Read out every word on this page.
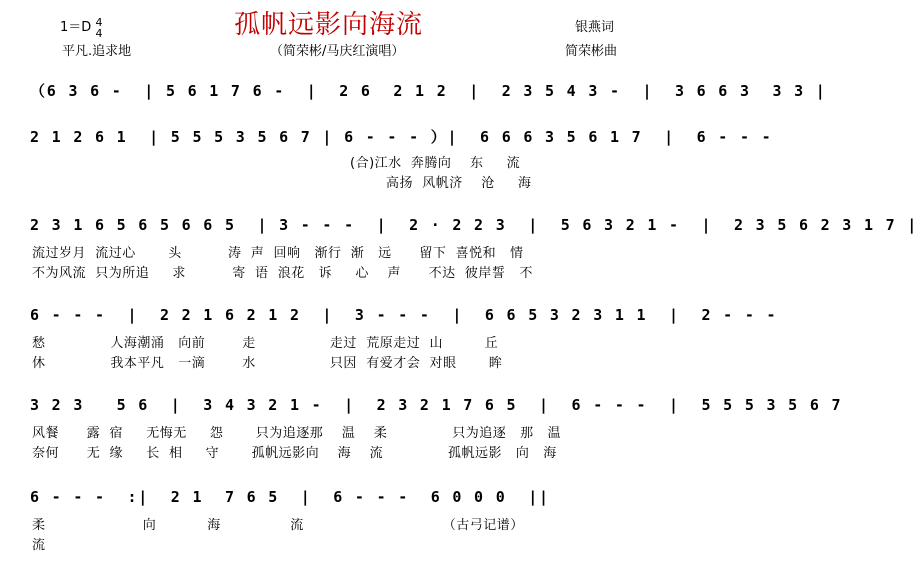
孤帆远影向海流
1＝D 4
4	银燕词
平凡.追求地	（简荣彬/马庆红演唱）	简荣彬曲
（6 3 6 -  | 5 6 1 7 6 -  |  2 6  2 1 2  |  2 3 5 4 3 -  |  3 6 6 3  3 3 |
2 1 2 6 1  | 5 5 5 3 5 6 7 | 6 - - - ）|  6 6 6 3 5 6 1 7  |  6 - - -
(合)江水  奔腾向    东     流
高扬  风帆济    沧     海
2 3 1 6 5 6 5 6 6 5  | 3 - - -  |  2 · 2 2 3  |  5 6 3 2 1 -  |  2 3 5 6 2 3 1 7 |
流过岁月  流过心       头          涛  声  回响   渐行  渐   远      留下  喜悦和   情
不为风流  只为所追     求          寄  语  浪花   诉     心    声      不达  彼岸誓   不
6 - - -  |  2 2 1 6 2 1 2  |  3 - - -  |  6 6 5 3 2 3 1 1  |  2 - - -
愁              人海潮涌   向前        走                走过  荒原走过  山         丘
休              我本平凡   一滴        水                只因  有爱才会  对眼       眸
3 2 3   5 6  |  3 4 3 2 1 -  |  2 3 2 1 7 6 5  |  6 - - -  |  5 5 5 3 5 6 7
风餐      露  宿     无悔无     怨       只为追逐那    温    柔              只为追逐   那   温
奈何      无  缘     长  相     守       孤帆远影向    海    流              孤帆远影   向   海
6 - - -  :|  2 1  7 6 5  |  6 - - -  6 0 0 0  ||
柔                     向           海               流                              （古弓记谱）
流
